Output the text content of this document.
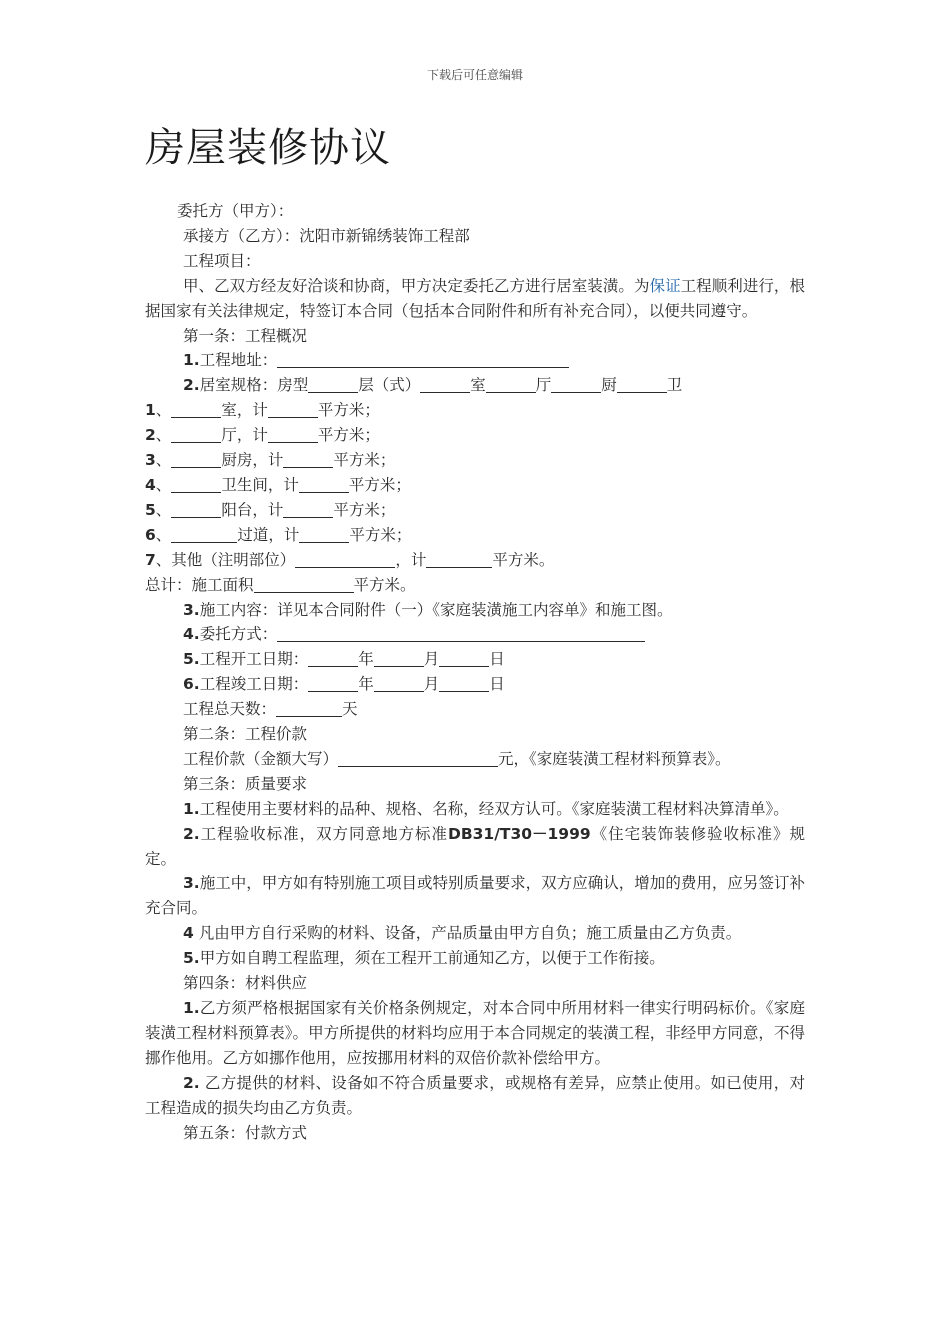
下载后可任意编辑
房屋装修协议
委托方（甲方）：
承接方（乙方）：沈阳市新锦绣装饰工程部
工程项目：
甲、乙双方经友好洽谈和协商，甲方决定委托乙方进行居室装潢。为保证工程顺利进行，根据国家有关法律规定，特签订本合同（包括本合同附件和所有补充合同），以便共同遵守。
第一条：工程概况
1.工程地址：
2.居室规格：房型	层（式）	室	厅	厨	卫
1、	室，计	平方米；
2、	厅，计	平方米；
3、	厨房，计	平方米；
4、	卫生间，计	平方米；
5、	阳台，计	平方米；
6、	过道，计	平方米；
7、其他（注明部位）	，计	平方米。
总计：施工面积	平方米。
3.施工内容：详见本合同附件（一）《家庭装潢施工内容单》和施工图。
4.委托方式：
5.工程开工日期：	年	月	日
6.工程竣工日期：	年	月	日
工程总天数：	天
第二条：工程价款
工程价款（金额大写）	元，《家庭装潢工程材料预算表》。
第三条：质量要求
1.工程使用主要材料的品种、规格、名称，经双方认可。《家庭装潢工程材料决算清单》。
2.工程验收标准，双方同意地方标准DB31/T30－1999《住宅装饰装修验收标准》规定。
3.施工中，甲方如有特别施工项目或特别质量要求，双方应确认，增加的费用，应另签订补充合同。
4 凡由甲方自行采购的材料、设备，产品质量由甲方自负；施工质量由乙方负责。
5.甲方如自聘工程监理，须在工程开工前通知乙方，以便于工作衔接。
第四条：材料供应
1.乙方须严格根据国家有关价格条例规定，对本合同中所用材料一律实行明码标价。《家庭装潢工程材料预算表》。甲方所提供的材料均应用于本合同规定的装潢工程，非经甲方同意，不得挪作他用。乙方如挪作他用，应按挪用材料的双倍价款补偿给甲方。
2. 乙方提供的材料、设备如不符合质量要求，或规格有差异，应禁止使用。如已使用，对工程造成的损失均由乙方负责。
第五条：付款方式
